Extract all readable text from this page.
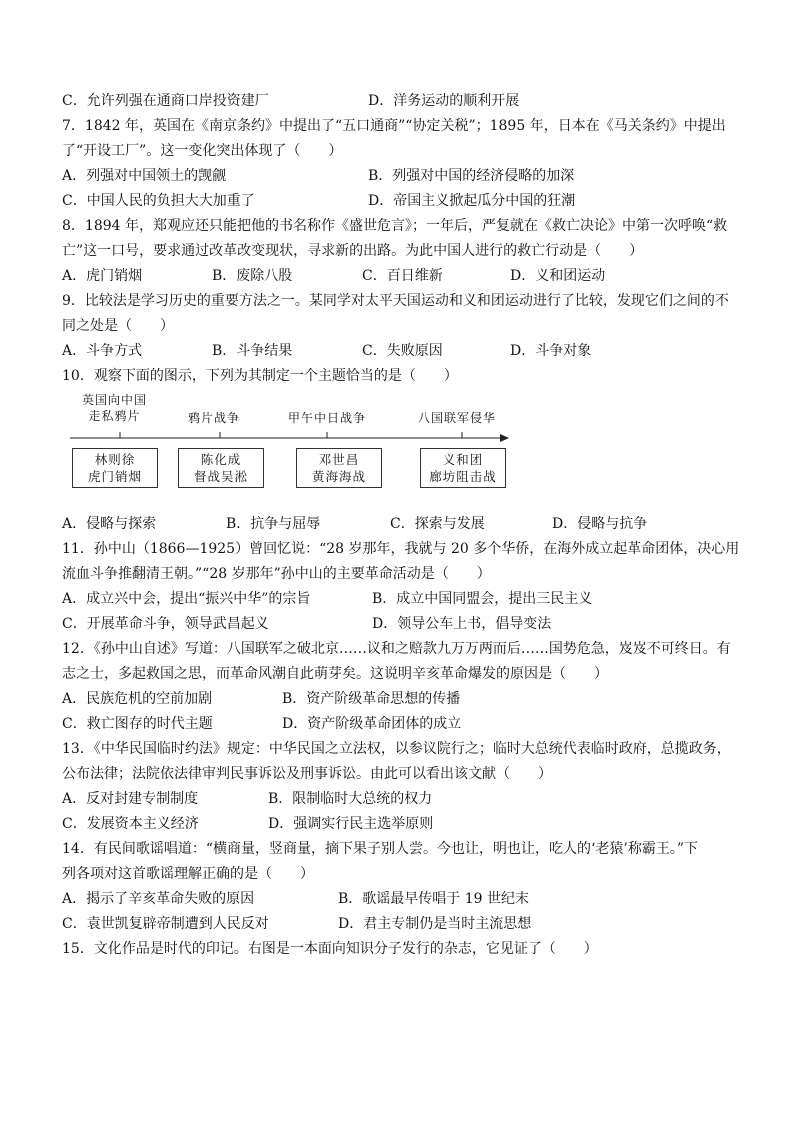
C．允许列强在通商口岸投资建厂	D．洋务运动的顺利开展
7．1842 年，英国在《南京条约》中提出了“五口通商”“协定关税”；1895 年，日本在《马关条约》中提出
了“开设工厂”。这一变化突出体现了（　　）
A．列强对中国领土的觊觎	B．列强对中国的经济侵略的加深
C．中国人民的负担大大加重了	D．帝国主义掀起瓜分中国的狂潮
8．1894 年，郑观应还只能把他的书名称作《盛世危言》；一年后，严复就在《救亡决论》中第一次呼唤“救
亡”这一口号，要求通过改革改变现状，寻求新的出路。为此中国人进行的救亡行动是（　　）
A．虎门销烟	B．废除八股	C．百日维新	D．义和团运动
9．比较法是学习历史的重要方法之一。某同学对太平天国运动和义和团运动进行了比较，发现它们之间的不
同之处是（　　）
A．斗争方式	B．斗争结果	C．失败原因	D．斗争对象
10．观察下面的图示，下列为其制定一个主题恰当的是（　　）
英国向中国
走私鸦片	鸦片战争	甲午中日战争	八国联军侵华
林则徐
虎门销烟
陈化成
督战吴淞
邓世昌
黄海海战
义和团
廊坊阻击战
A．侵略与探索	B．抗争与屈辱	C．探索与发展	D．侵略与抗争
11．孙中山（1866—1925）曾回忆说：“28 岁那年，我就与 20 多个华侨，在海外成立起革命团体，决心用
流血斗争推翻清王朝。”“28 岁那年”孙中山的主要革命活动是（　　）
A．成立兴中会，提出“振兴中华”的宗旨	B．成立中国同盟会，提出三民主义
C．开展革命斗争，领导武昌起义	D．领导公车上书，倡导变法
12．《孙中山自述》写道：八国联军之破北京……议和之赔款九万万两而后……国势危急，岌岌不可终日。有
志之士，多起救国之思，而革命风潮自此萌芽矣。这说明辛亥革命爆发的原因是（　　）
A．民族危机的空前加剧	B．资产阶级革命思想的传播
C．救亡图存的时代主题	D．资产阶级革命团体的成立
13．《中华民国临时约法》规定：中华民国之立法权，以参议院行之；临时大总统代表临时政府，总揽政务，
公布法律；法院依法律审判民事诉讼及刑事诉讼。由此可以看出该文献（　　）
A．反对封建专制制度	B．限制临时大总统的权力
C．发展资本主义经济	D．强调实行民主选举原则
14．有民间歌谣唱道：“横商量，竖商量，摘下果子别人尝。今也让，明也让，吃人的‘老猿’称霸王。”下
列各项对这首歌谣理解正确的是（　　）
A．揭示了辛亥革命失败的原因	B．歌谣最早传唱于 19 世纪末
C．袁世凯复辟帝制遭到人民反对	D．君主专制仍是当时主流思想
15．文化作品是时代的印记。右图是一本面向知识分子发行的杂志，它见证了（　　）
